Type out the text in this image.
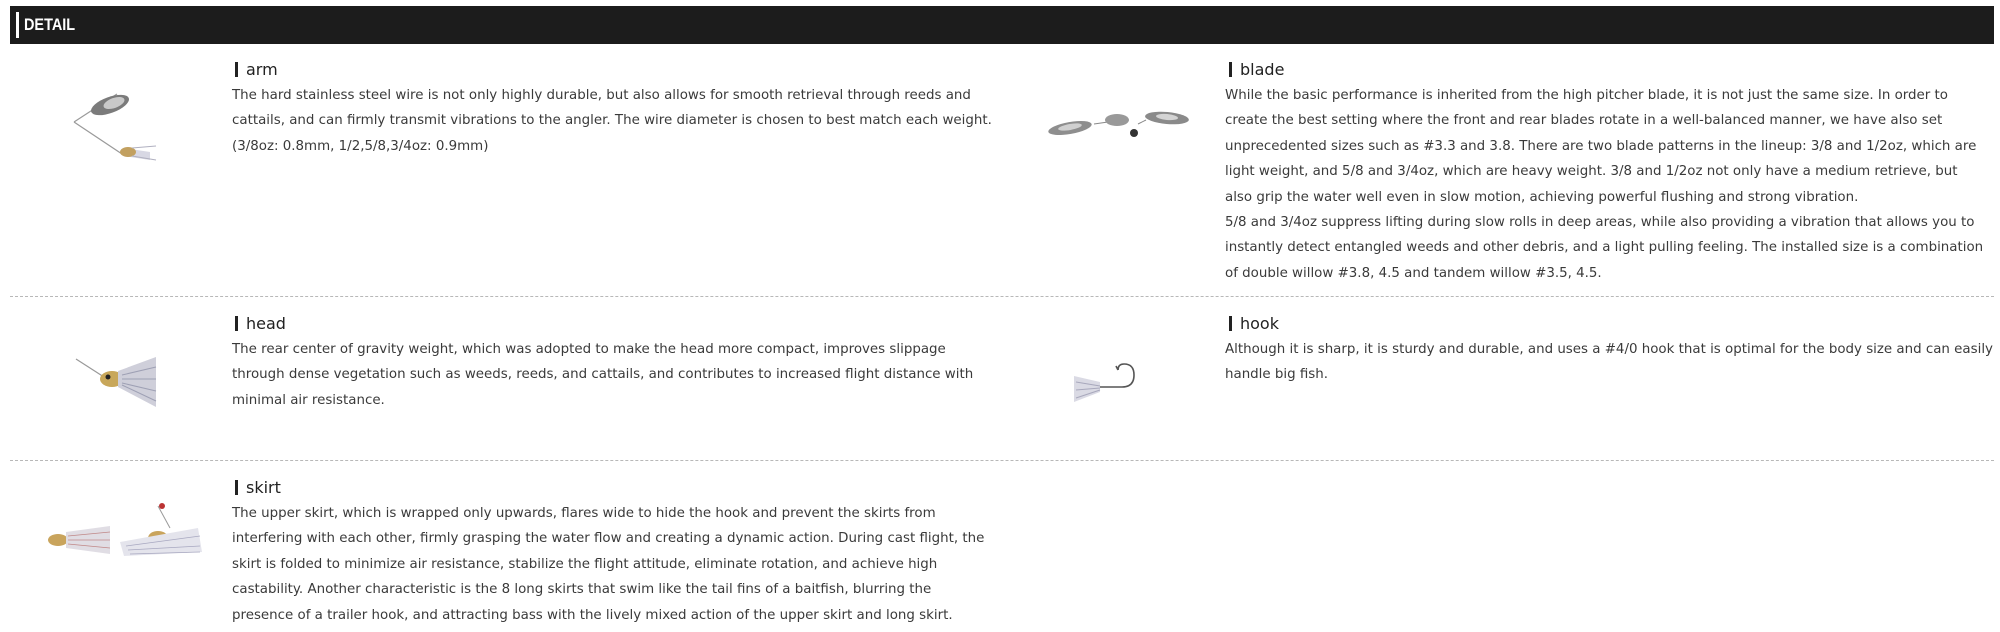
DETAIL
arm
The hard stainless steel wire is not only highly durable, but also allows for smooth retrieval through reeds and
cattails, and can firmly transmit vibrations to the angler. The wire diameter is chosen to best match each weight.
(3/8oz: 0.8mm, 1/2,5/8,3/4oz: 0.9mm)
blade
While the basic performance is inherited from the high pitcher blade, it is not just the same size. In order to
create the best setting where the front and rear blades rotate in a well-balanced manner, we have also set
unprecedented sizes such as #3.3 and 3.8. There are two blade patterns in the lineup: 3/8 and 1/2oz, which are
light weight, and 5/8 and 3/4oz, which are heavy weight. 3/8 and 1/2oz not only have a medium retrieve, but
also grip the water well even in slow motion, achieving powerful flushing and strong vibration.
5/8 and 3/4oz suppress lifting during slow rolls in deep areas, while also providing a vibration that allows you to
instantly detect entangled weeds and other debris, and a light pulling feeling. The installed size is a combination
of double willow #3.8, 4.5 and tandem willow #3.5, 4.5.
head
The rear center of gravity weight, which was adopted to make the head more compact, improves slippage
through dense vegetation such as weeds, reeds, and cattails, and contributes to increased flight distance with
minimal air resistance.
hook
Although it is sharp, it is sturdy and durable, and uses a #4/0 hook that is optimal for the body size and can easily
handle big fish.
skirt
The upper skirt, which is wrapped only upwards, flares wide to hide the hook and prevent the skirts from
interfering with each other, firmly grasping the water flow and creating a dynamic action. During cast flight, the
skirt is folded to minimize air resistance, stabilize the flight attitude, eliminate rotation, and achieve high
castability. Another characteristic is the 8 long skirts that swim like the tail fins of a baitfish, blurring the
presence of a trailer hook, and attracting bass with the lively mixed action of the upper skirt and long skirt.
